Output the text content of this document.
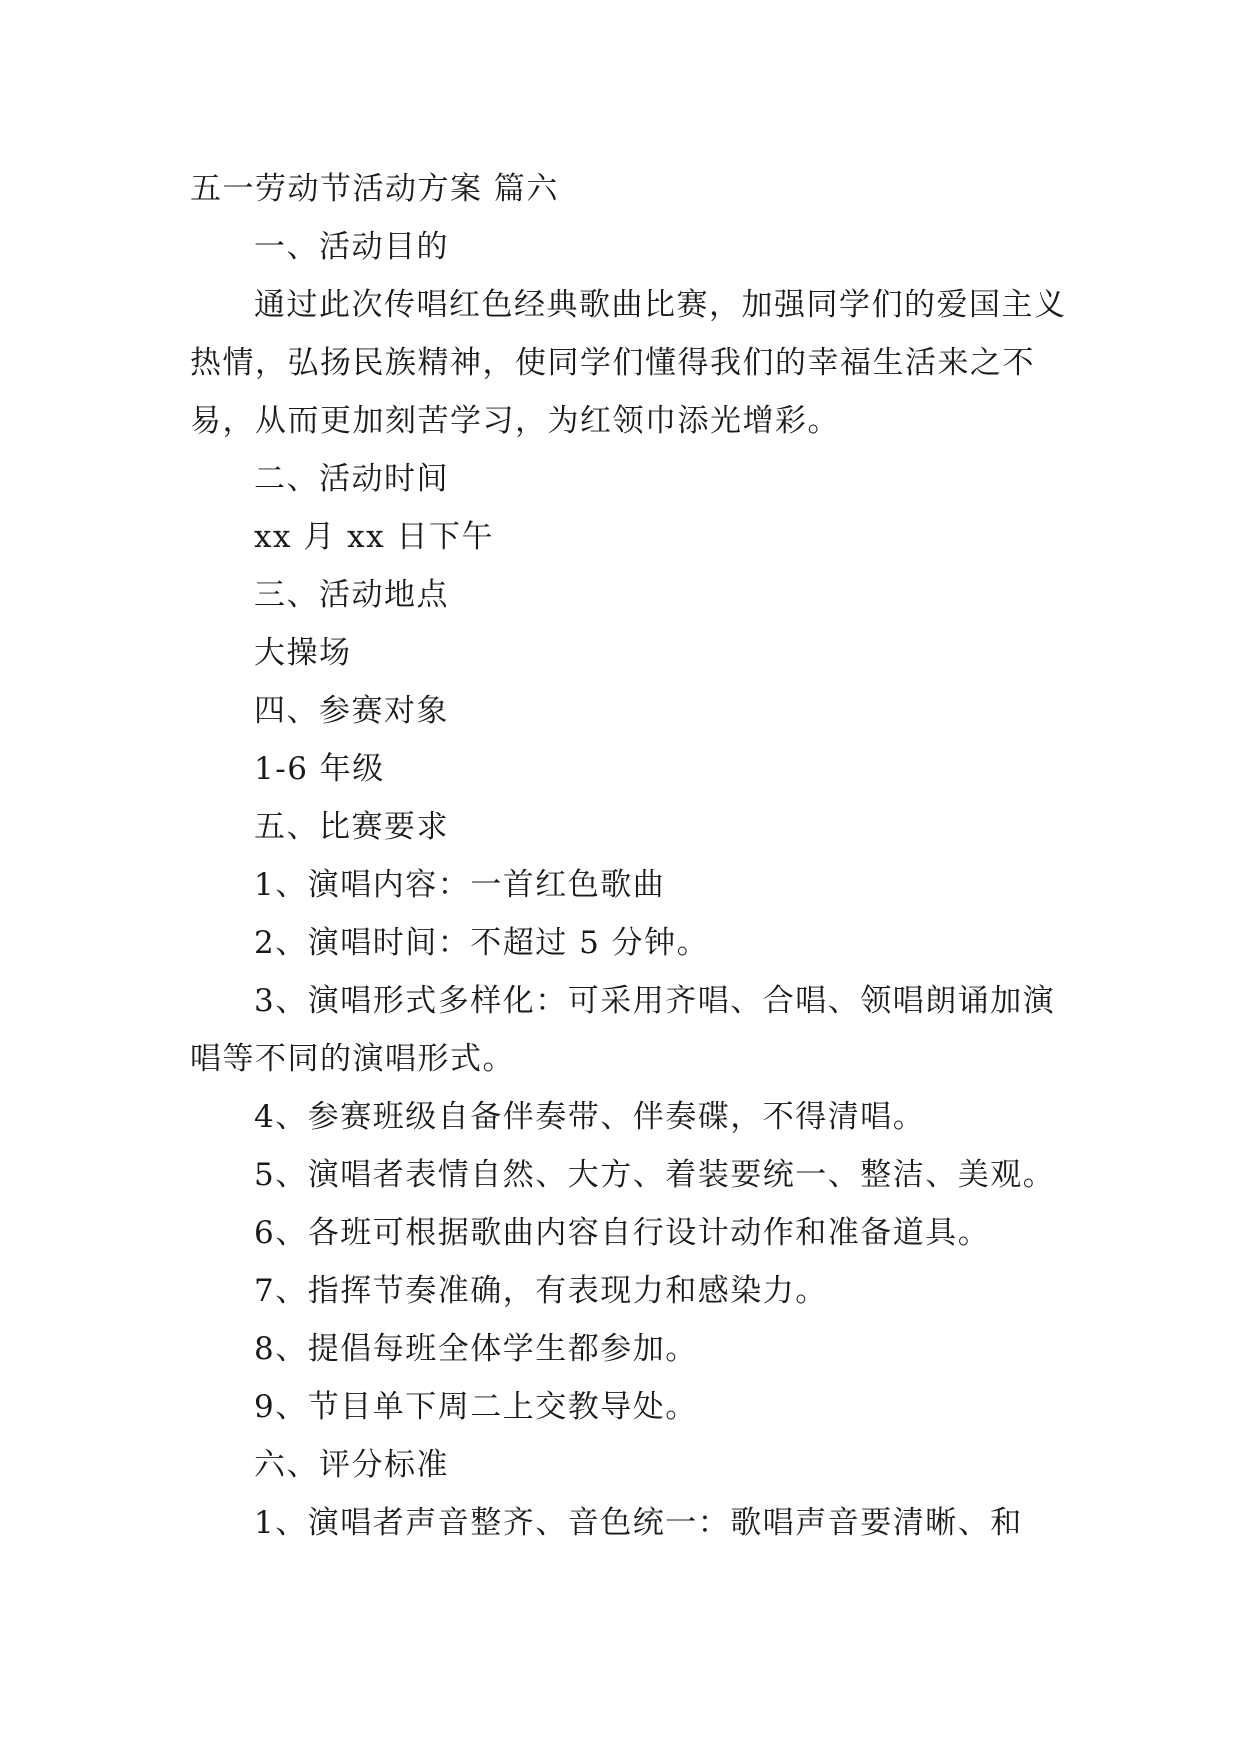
五一劳动节活动方案 篇六

一、活动目的

通过此次传唱红色经典歌曲比赛，加强同学们的爱国主义热情，弘扬民族精神，使同学们懂得我们的幸福生活来之不易，从而更加刻苦学习，为红领巾添光增彩。

二、活动时间

xx 月 xx 日下午

三、活动地点

大操场

四、参赛对象

1-6 年级

五、比赛要求

1、演唱内容：一首红色歌曲

2、演唱时间：不超过 5 分钟。

3、演唱形式多样化：可采用齐唱、合唱、领唱朗诵加演唱等不同的演唱形式。

4、参赛班级自备伴奏带、伴奏碟，不得清唱。

5、演唱者表情自然、大方、着装要统一、整洁、美观。

6、各班可根据歌曲内容自行设计动作和准备道具。

7、指挥节奏准确，有表现力和感染力。

8、提倡每班全体学生都参加。

9、节目单下周二上交教导处。

六、评分标准

1、演唱者声音整齐、音色统一：歌唱声音要清晰、和
